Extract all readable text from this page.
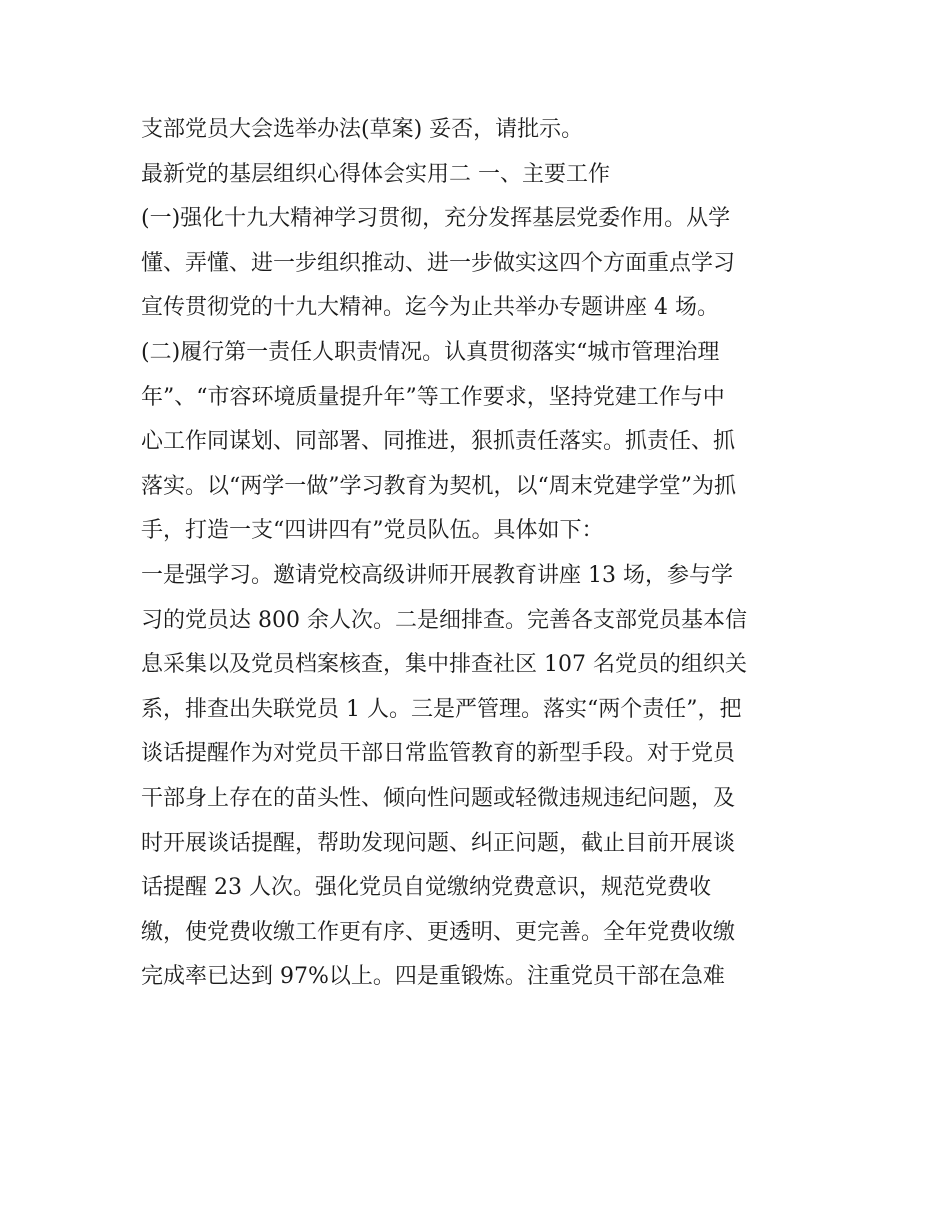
支部党员大会选举办法(草案) 妥否，请批示。
最新党的基层组织心得体会实用二 一、主要工作
(一)强化十九大精神学习贯彻，充分发挥基层党委作用。从学
懂、弄懂、进一步组织推动、进一步做实这四个方面重点学习
宣传贯彻党的十九大精神。迄今为止共举办专题讲座 4 场。
(二)履行第一责任人职责情况。认真贯彻落实“城市管理治理
年”、“市容环境质量提升年”等工作要求，坚持党建工作与中
心工作同谋划、同部署、同推进，狠抓责任落实。抓责任、抓
落实。以“两学一做”学习教育为契机，以“周末党建学堂”为抓
手，打造一支“四讲四有”党员队伍。具体如下：
一是强学习。邀请党校高级讲师开展教育讲座 13 场，参与学
习的党员达 800 余人次。二是细排查。完善各支部党员基本信
息采集以及党员档案核查，集中排查社区 107 名党员的组织关
系，排查出失联党员 1 人。三是严管理。落实“两个责任”，把
谈话提醒作为对党员干部日常监管教育的新型手段。对于党员
干部身上存在的苗头性、倾向性问题或轻微违规违纪问题，及
时开展谈话提醒，帮助发现问题、纠正问题，截止目前开展谈
话提醒 23 人次。强化党员自觉缴纳党费意识，规范党费收
缴，使党费收缴工作更有序、更透明、更完善。全年党费收缴
完成率已达到 97%以上。四是重锻炼。注重党员干部在急难
